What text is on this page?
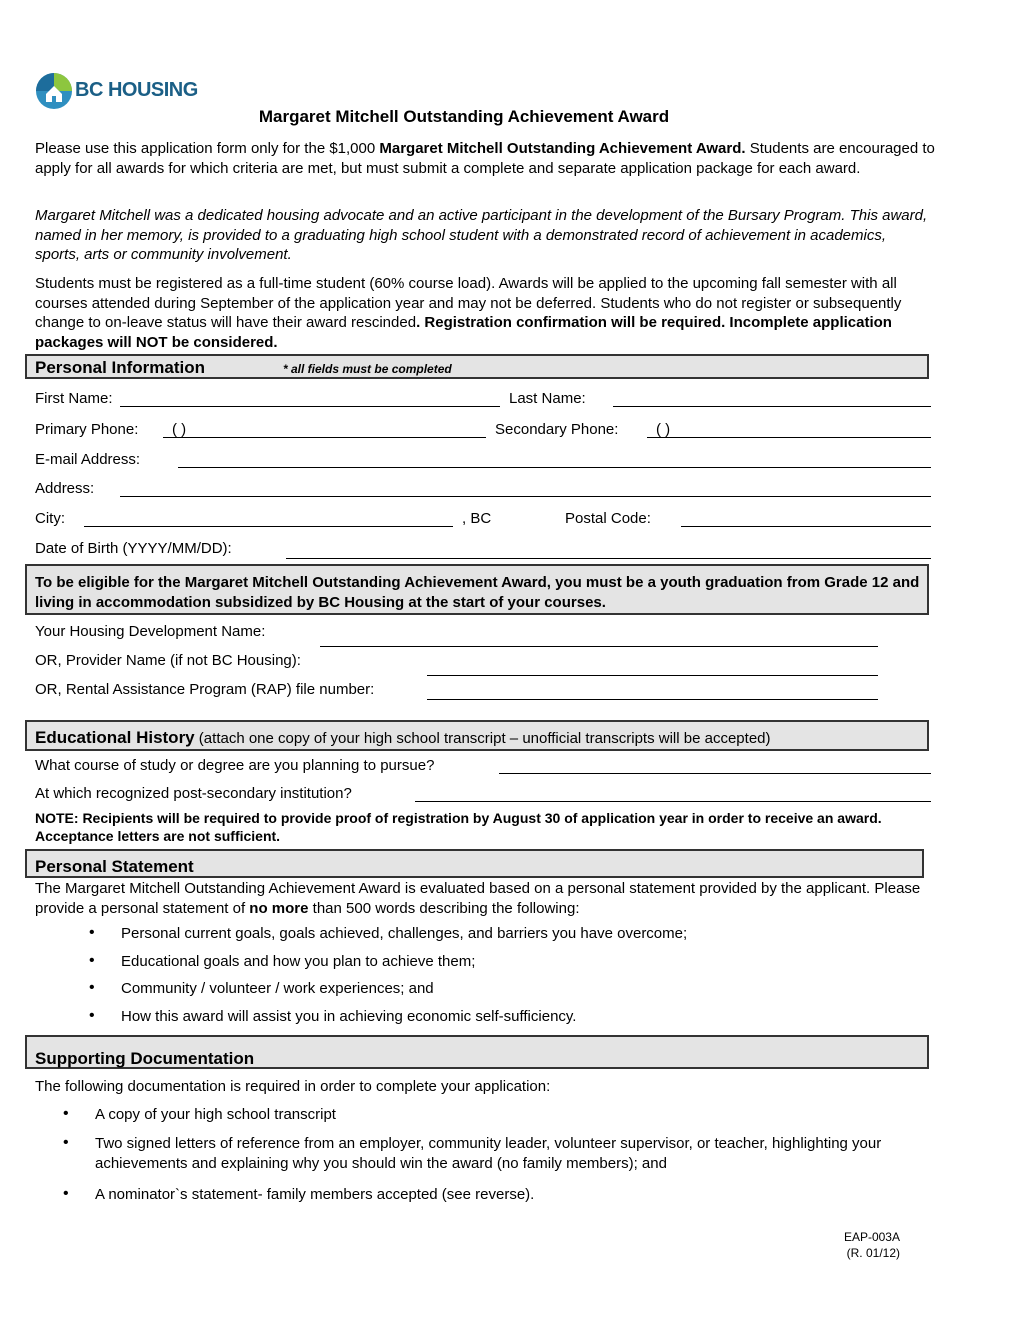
BC HOUSING
Margaret Mitchell Outstanding Achievement Award
Please use this application form only for the $1,000 Margaret Mitchell Outstanding Achievement Award. Students are encouraged to apply for all awards for which criteria are met, but must submit a complete and separate application package for each award.
Margaret Mitchell was a dedicated housing advocate and an active participant in the development of the Bursary Program. This award, named in her memory, is provided to a graduating high school student with a demonstrated record of achievement in academics, sports, arts or community involvement.
Students must be registered as a full-time student (60% course load). Awards will be applied to the upcoming fall semester with all courses attended during September of the application year and may not be deferred. Students who do not register or subsequently change to on-leave status will have their award rescinded. Registration confirmation will be required. Incomplete application packages will NOT be considered.
Personal Information	* all fields must be completed
First Name:	Last Name:
Primary Phone: ( )	Secondary Phone:	( )
E-mail Address:
Address:
City:	, BC	Postal Code:
Date of Birth (YYYY/MM/DD):
To be eligible for the Margaret Mitchell Outstanding Achievement Award, you must be a youth graduation from Grade 12 and living in accommodation subsidized by BC Housing at the start of your courses.
Your Housing Development Name:
OR, Provider Name (if not BC Housing):
OR, Rental Assistance Program (RAP) file number:
Educational History (attach one copy of your high school transcript – unofficial transcripts will be accepted)
What course of study or degree are you planning to pursue?
At which recognized post-secondary institution?
NOTE: Recipients will be required to provide proof of registration by August 30 of application year in order to receive an award. Acceptance letters are not sufficient.
Personal Statement
The Margaret Mitchell Outstanding Achievement Award is evaluated based on a personal statement provided by the applicant. Please provide a personal statement of no more than 500 words describing the following:
• Personal current goals, goals achieved, challenges, and barriers you have overcome;
• Educational goals and how you plan to achieve them;
• Community / volunteer / work experiences; and
• How this award will assist you in achieving economic self-sufficiency.
Supporting Documentation
The following documentation is required in order to complete your application:
• A copy of your high school transcript
• Two signed letters of reference from an employer, community leader, volunteer supervisor, or teacher, highlighting your achievements and explaining why you should win the award (no family members); and
• A nominator`s statement- family members accepted (see reverse).
EAP-003A
(R. 01/12)
